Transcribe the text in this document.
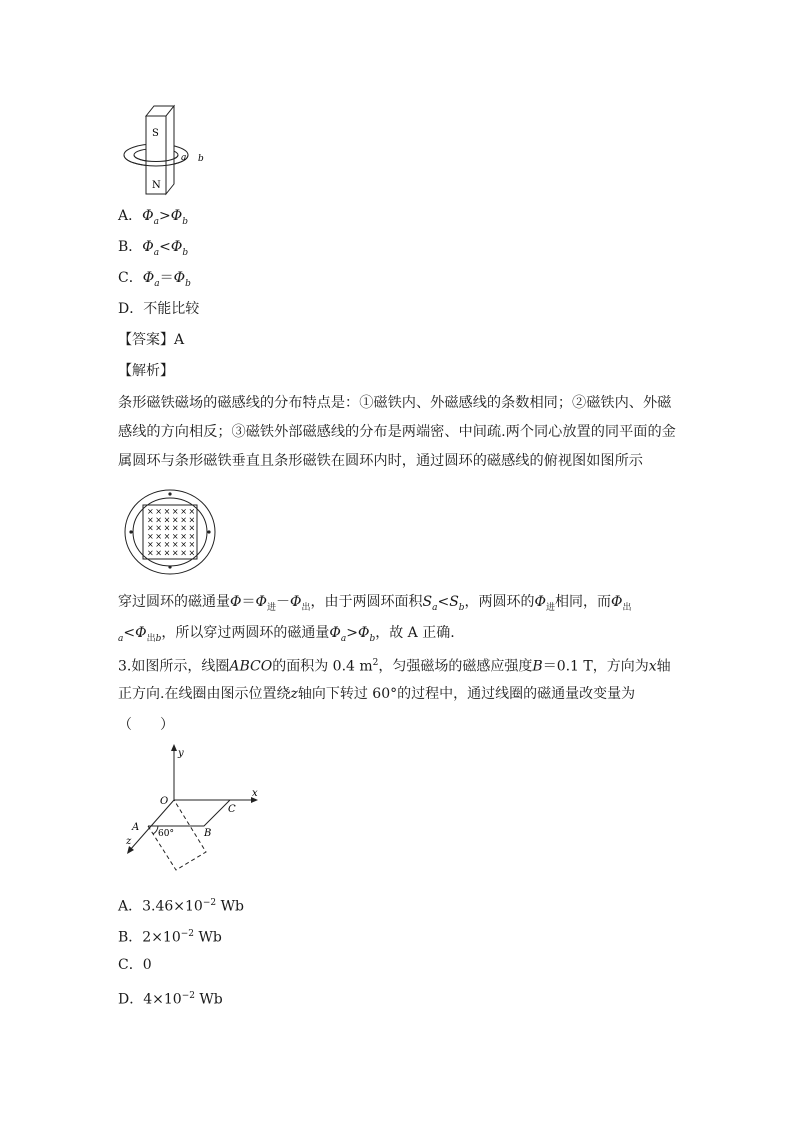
S
N
a b
A．$\Phi_a>\Phi_b$
B．$\Phi_a<\Phi_b$
C．$\Phi_a=\Phi_b$
D．不能比较
【答案】A
【解析】
条形磁铁磁场的磁感线的分布特点是：①磁铁内、外磁感线的条数相同；②磁铁内、外磁
感线的方向相反；③磁铁外部磁感线的分布是两端密、中间疏.两个同心放置的同平面的金
属圆环与条形磁铁垂直且条形磁铁在圆环内时，通过圆环的磁感线的俯视图如图所示
× × × × × ×
× × × × × ×
× × × × × ×
× × × × × ×
× × × × × ×
× × × × × ×
穿过圆环的磁通量$\Phi=\Phi_进-\Phi_出$，由于两圆环面积$S_a<S_b$，两圆环的$\Phi_进$相同，而$\Phi_出$
$_a<\Phi_{出b}$，所以穿过两圆环的磁通量$\Phi_a>\Phi_b$，故 A 正确.
3.如图所示，线圈ABCO的面积为 0.4 $m^2$，匀强磁场的磁感应强度B＝0.1 T，方向为x轴
正方向.在线圈由图示位置绕z轴向下转过 60°的过程中，通过线圈的磁通量改变量为
（　　）
y
x
z
O
A
B
C
60°
A．$3.46\times 10^{-2}$ Wb
B．$2\times 10^{-2}$ Wb
C．0
D．$4\times 10^{-2}$ Wb
